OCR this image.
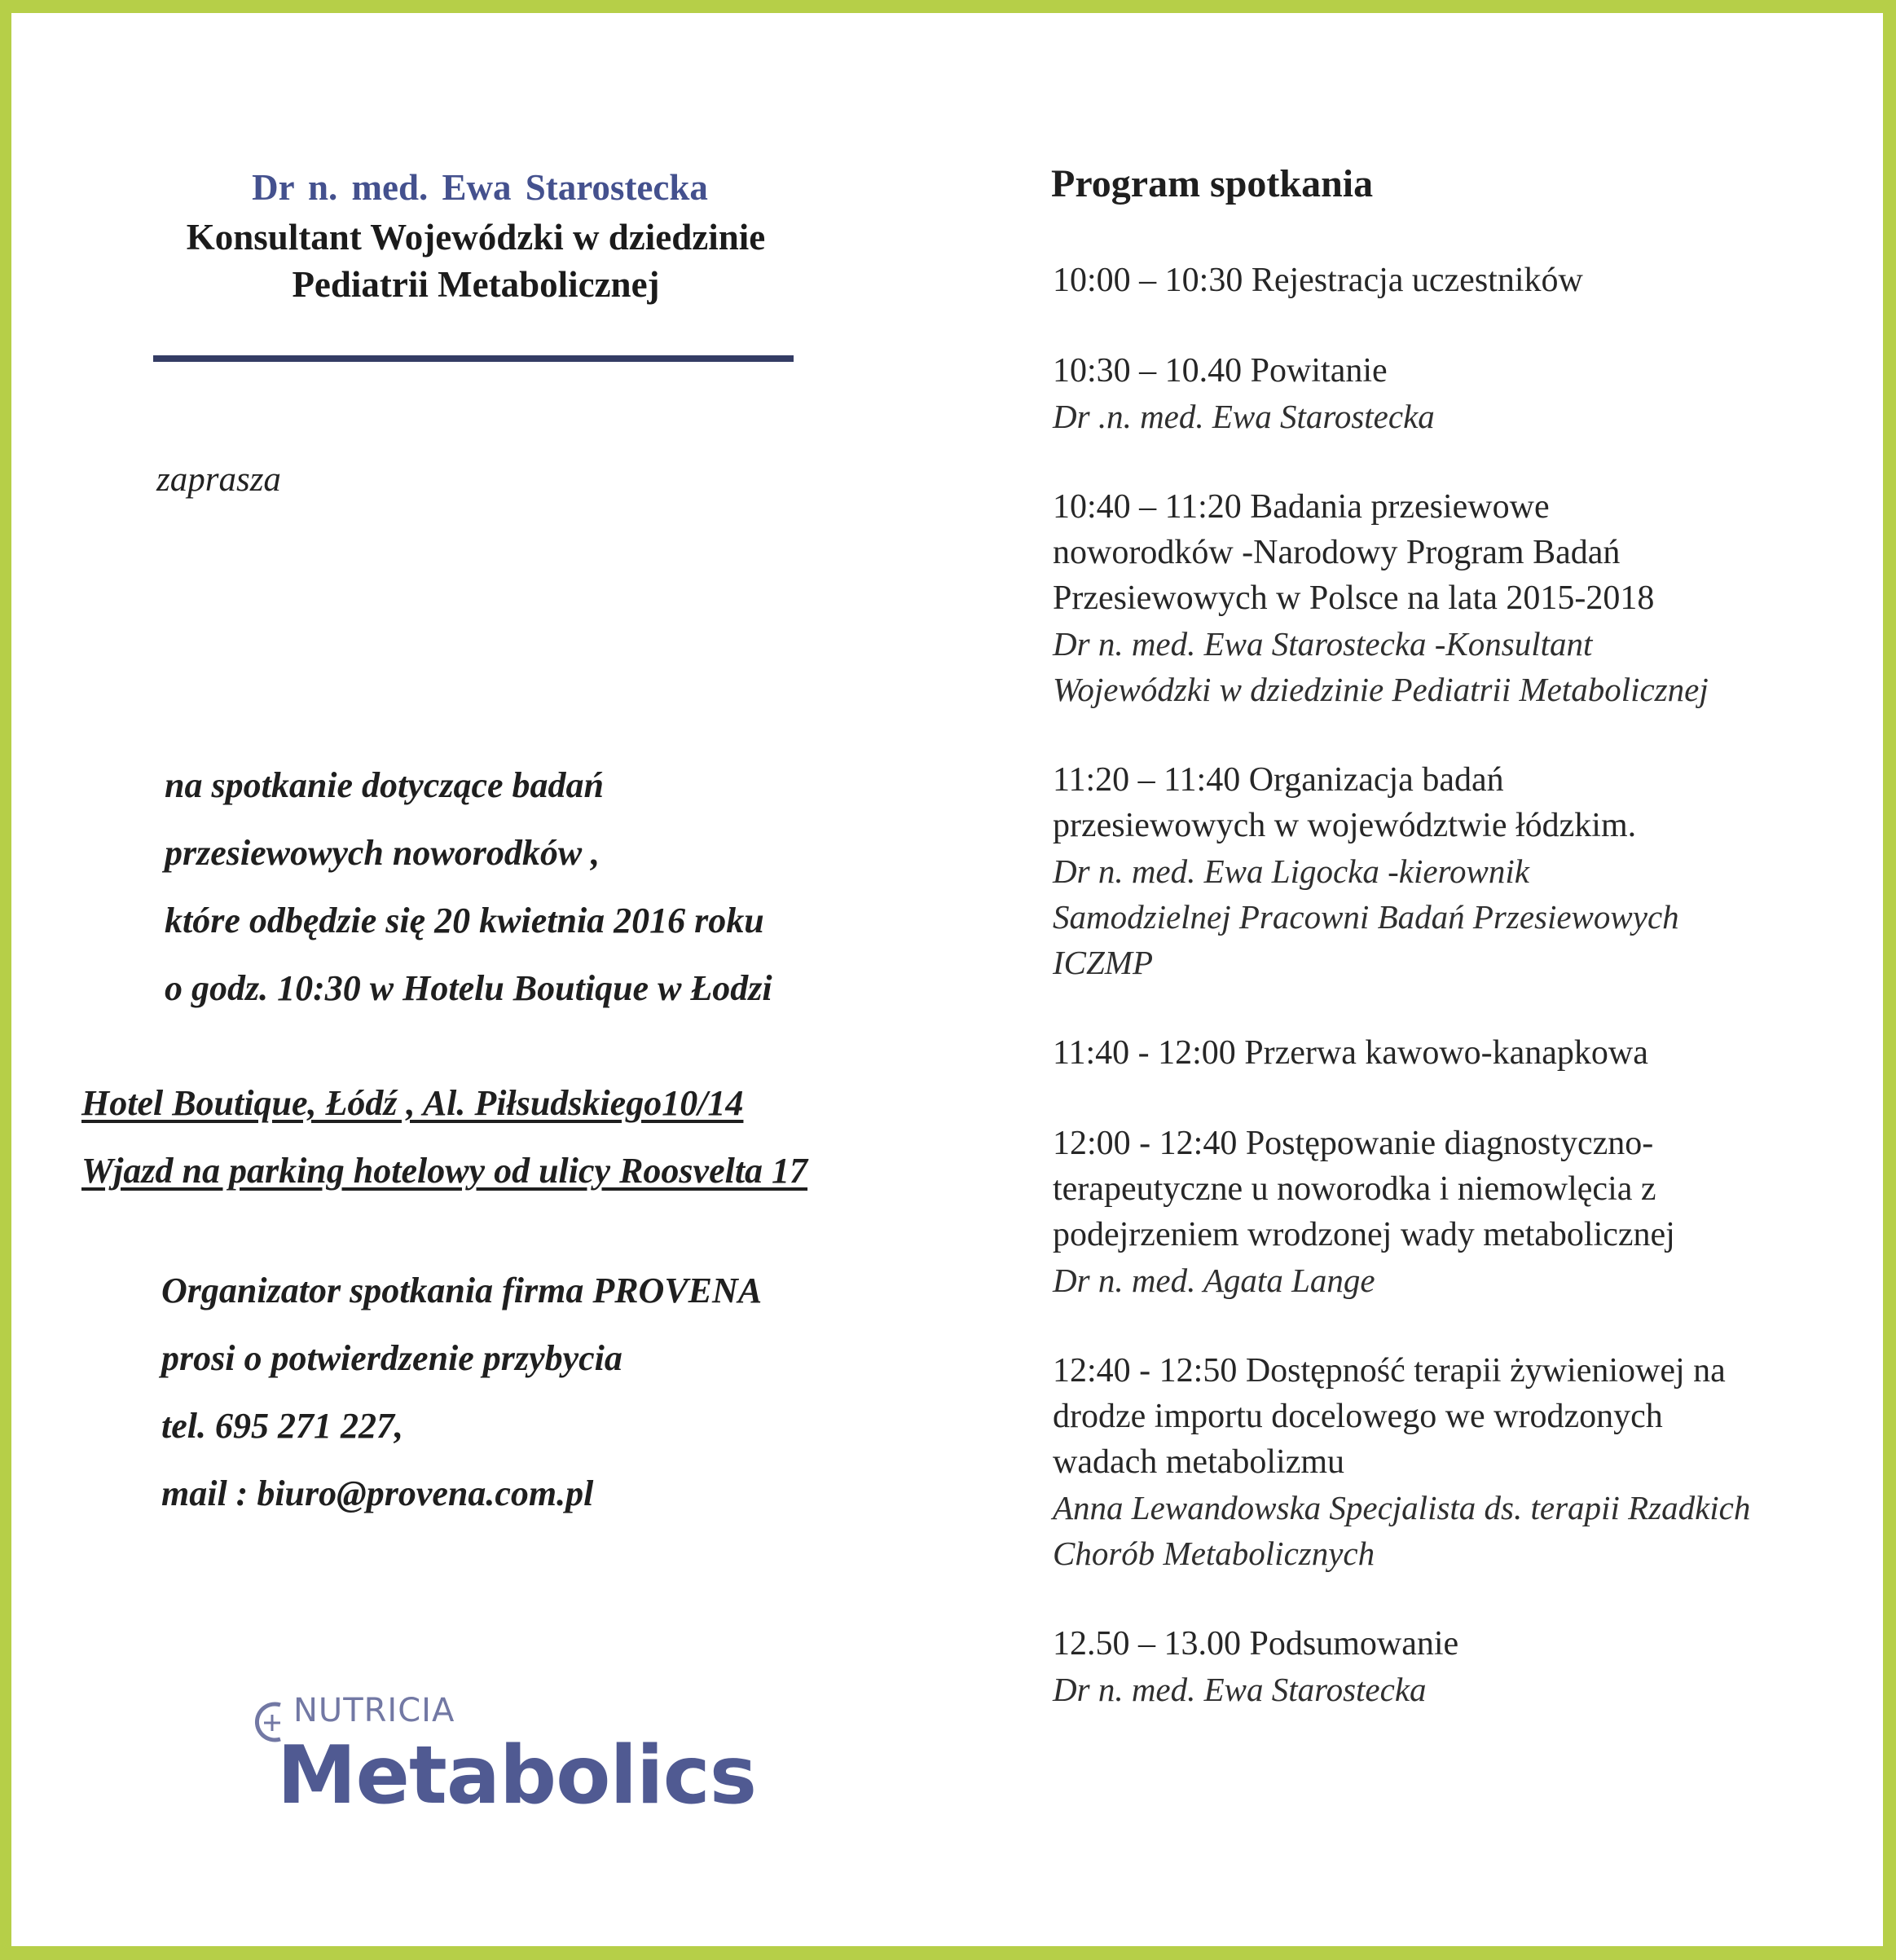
Dr n. med. Ewa Starostecka
Konsultant Wojewódzki w dziedzinie
Pediatrii Metabolicznej
zaprasza
na spotkanie dotyczące badań
przesiewowych noworodków ,
które odbędzie się 20 kwietnia 2016 roku
o godz. 10:30 w Hotelu Boutique w Łodzi
Hotel Boutique, Łódź , Al. Piłsudskiego10/14
Wjazd na parking hotelowy od ulicy Roosvelta 17
Organizator spotkania firma PROVENA
prosi o potwierdzenie przybycia
tel. 695 271 227,
mail : biuro@provena.com.pl
NUTRICIA
Metabolics
Program spotkania
10:00 – 10:30 Rejestracja uczestników
10:30 – 10.40 Powitanie
Dr .n. med. Ewa Starostecka
10:40 – 11:20 Badania przesiewowe
noworodków -Narodowy Program Badań
Przesiewowych w Polsce na lata 2015-2018
Dr n. med. Ewa Starostecka -Konsultant
Wojewódzki w dziedzinie Pediatrii Metabolicznej
11:20 – 11:40 Organizacja badań
przesiewowych w województwie łódzkim.
Dr n. med. Ewa Ligocka -kierownik
Samodzielnej Pracowni Badań Przesiewowych
ICZMP
11:40 - 12:00 Przerwa kawowo-kanapkowa
12:00 - 12:40 Postępowanie diagnostyczno-
terapeutyczne u noworodka i niemowlęcia z
podejrzeniem wrodzonej wady metabolicznej
Dr n. med. Agata Lange
12:40 - 12:50 Dostępność terapii żywieniowej na
drodze importu docelowego we wrodzonych
wadach metabolizmu
Anna Lewandowska Specjalista ds. terapii Rzadkich
Chorób Metabolicznych
12.50 – 13.00 Podsumowanie
Dr n. med. Ewa Starostecka
